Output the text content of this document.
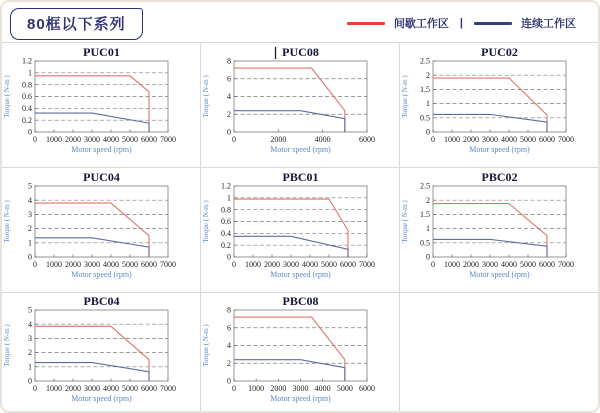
80框以下系列	间歇工作区 |	连续工作区
0 1000 2000 3000 4000 5000 6000 7000
0
0.2
0.4
0.6
0.8
1
1.2
Motor speed (rpm)
Torque ( N-m )
PUC01
0	2000	4000	6000
0
2
4
6
8
Motor speed (rpm)
Torque ( N-m )
PUC08
0 1000 2000 3000 4000 5000 6000 7000
0
0.5
1
1.5
2
2.5
Motor speed (rpm)
Torque ( N-m )
PUC02
0 1000 2000 3000 4000 5000 6000 7000
0
1
2
3
4
5
Motor speed (rpm)
Torque ( N-m )
PUC04
0 1000 2000 3000 4000 5000 6000 7000
0
0.2
0.4
0.6
0.8
1
1.2
Motor speed (rpm)
Torque ( N-m )
PBC01
0 1000 2000 3000 4000 5000 6000 7000
0
0.5
1
1.5
2
2.5
Motor speed (rpm)
Torque ( N-m )
PBC02
0 1000 2000 3000 4000 5000 6000 7000
0
1
2
3
4
5
Motor speed (rpm)
Torque ( N-m )
PBC04
0 1000 2000 3000 4000 5000 6000
0
2
4
6
8
Motor speed (rpm)
Torque ( N-m )
PBC08
